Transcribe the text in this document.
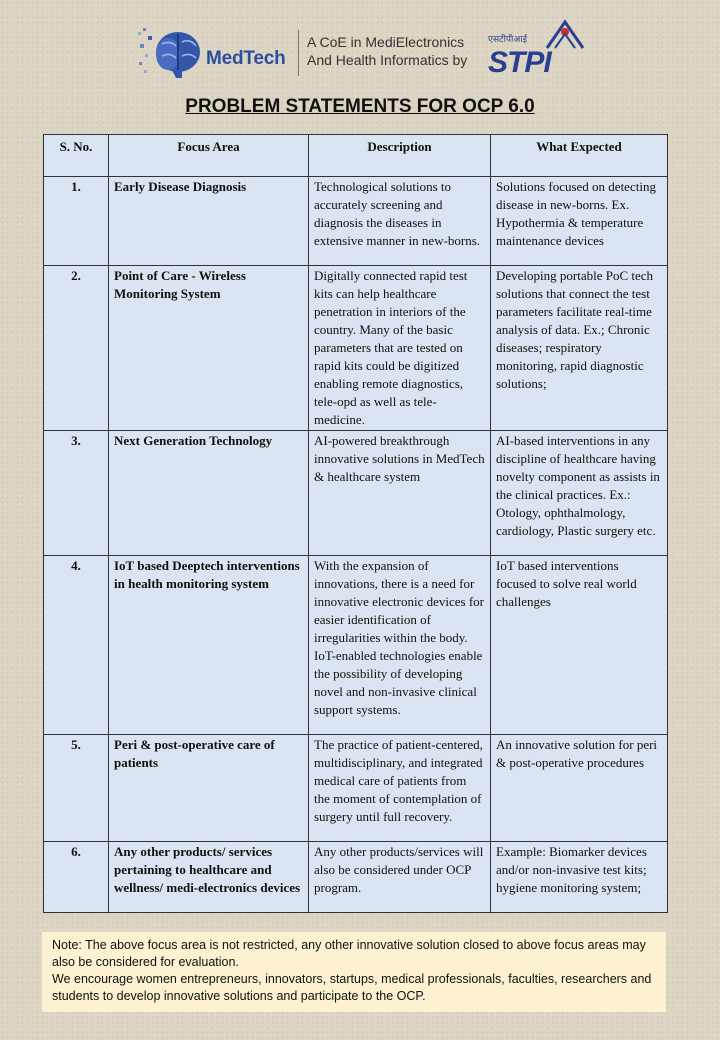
MedTech
A CoE in MediElectronics
And Health Informatics by
एसटीपीआई
STPI
PROBLEM STATEMENTS FOR OCP 6.0
S. No.	Focus Area	Description	What Expected
1.	Early Disease Diagnosis	Technological solutions to accurately screening and diagnosis the diseases in extensive manner in new-borns.	Solutions focused on detecting disease in new-borns. Ex. Hypothermia & temperature maintenance devices
2.	Point of Care - Wireless Monitoring System	Digitally connected rapid test kits can help healthcare penetration in interiors of the country. Many of the basic parameters that are tested on rapid kits could be digitized enabling remote diagnostics, tele-opd as well as tele-medicine.	Developing portable PoC tech solutions that connect the test parameters facilitate real-time analysis of data. Ex.; Chronic diseases; respiratory monitoring, rapid diagnostic solutions;
3.	Next Generation Technology	AI-powered breakthrough innovative solutions in MedTech & healthcare system	AI-based interventions in any discipline of healthcare having novelty component as assists in the clinical practices. Ex.: Otology, ophthalmology, cardiology, Plastic surgery etc.
4.	IoT based Deeptech interventions in health monitoring system	With the expansion of innovations, there is a need for innovative electronic devices for easier identification of irregularities within the body. IoT-enabled technologies enable the possibility of developing novel and non-invasive clinical support systems.	IoT based interventions focused to solve real world challenges
5.	Peri & post-operative care of patients	The practice of patient-centered, multidisciplinary, and integrated medical care of patients from the moment of contemplation of surgery until full recovery.	An innovative solution for peri & post-operative procedures
6.	Any other products/ services pertaining to healthcare and wellness/ medi-electronics devices	Any other products/services will also be considered under OCP program.	Example: Biomarker devices and/or non-invasive test kits; hygiene monitoring system;

Note: The above focus area is not restricted, any other innovative solution closed to above focus areas may also be considered for evaluation.

We encourage women entrepreneurs, innovators, startups, medical professionals, faculties, researchers and students to develop innovative solutions and participate to the OCP.
